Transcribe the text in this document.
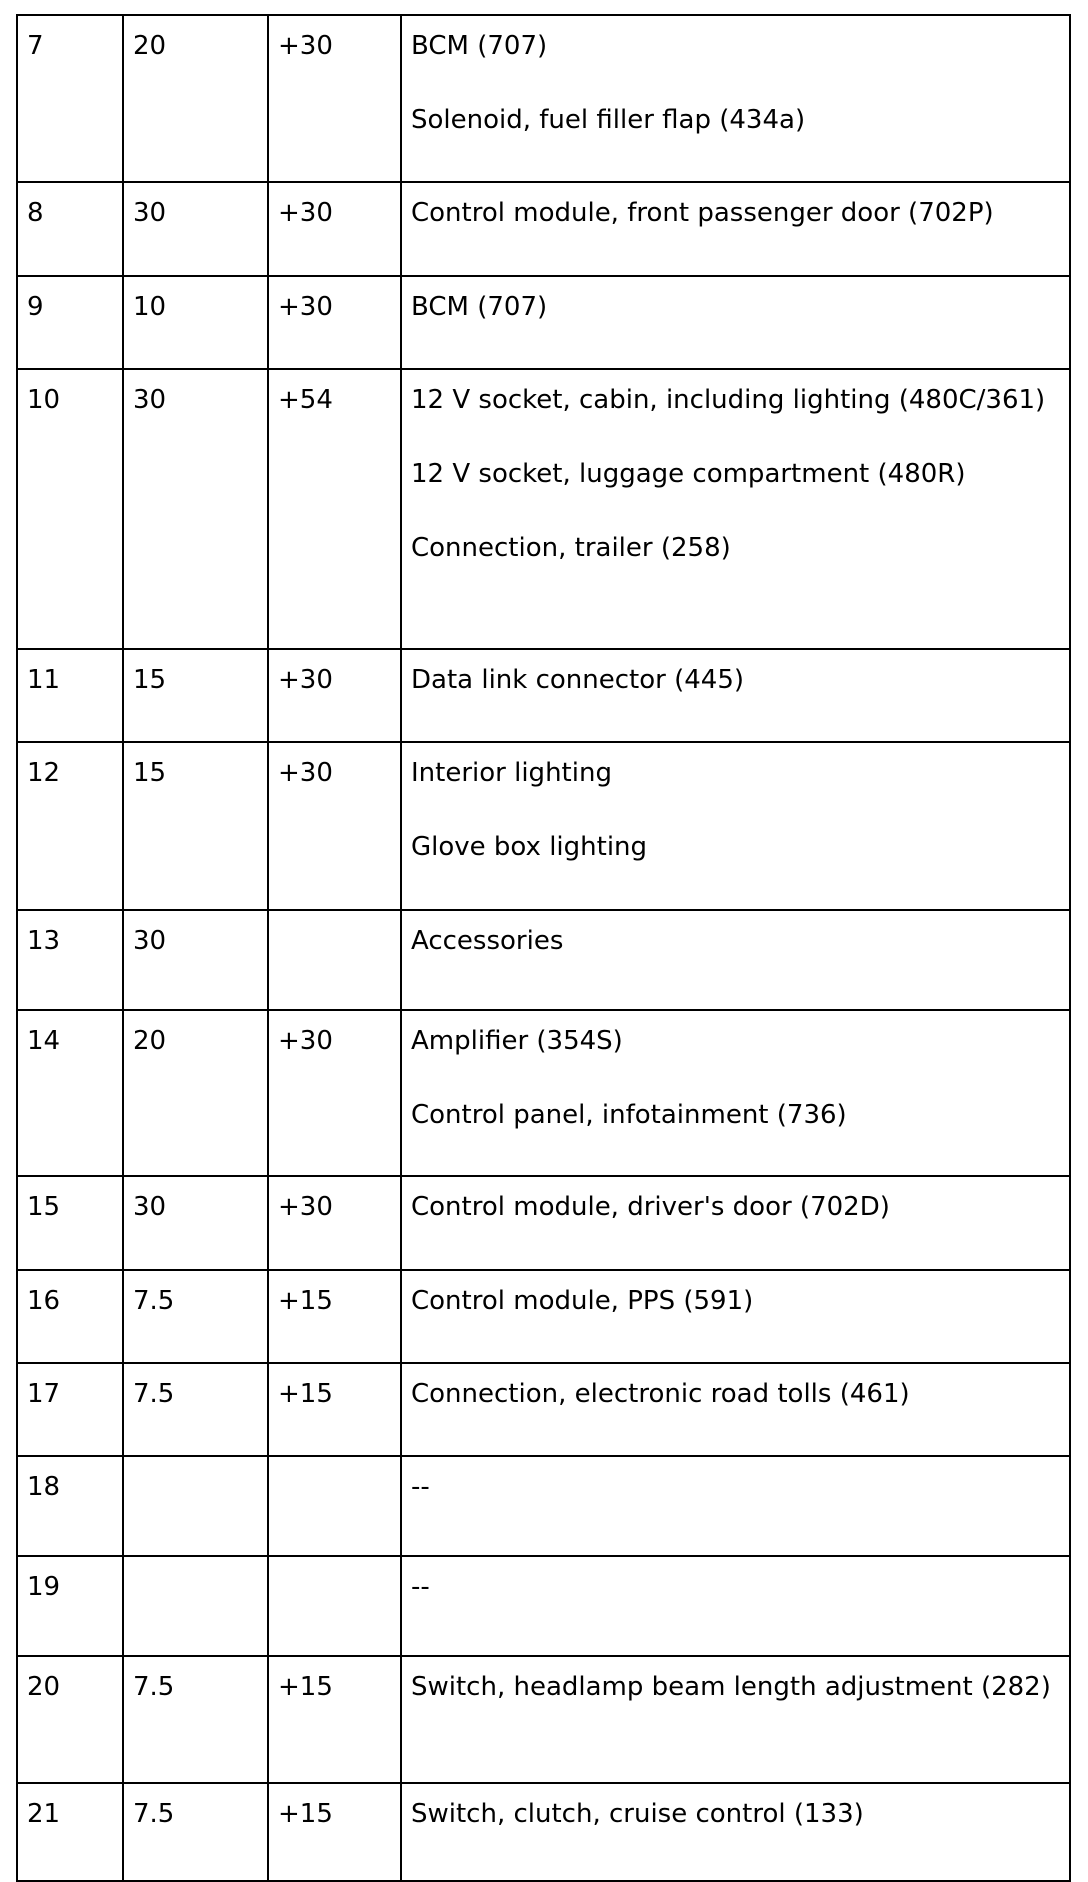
7	20	+30	BCM (707)
Solenoid, fuel filler flap (434a)

8	30	+30	Control module, front passenger door (702P)

9	10	+30	BCM (707)

10	30	+54	12 V socket, cabin, including lighting (480C/361)
12 V socket, luggage compartment (480R)
Connection, trailer (258)

11	15	+30	Data link connector (445)

12	15	+30	Interior lighting
Glove box lighting

13	30		Accessories

14	20	+30	Amplifier (354S)
Control panel, infotainment (736)

15	30	+30	Control module, driver's door (702D)

16	7.5	+15	Control module, PPS (591)

17	7.5	+15	Connection, electronic road tolls (461)

18			--

19			--

20	7.5	+15	Switch, headlamp beam length adjustment (282)

21	7.5	+15	Switch, clutch, cruise control (133)
